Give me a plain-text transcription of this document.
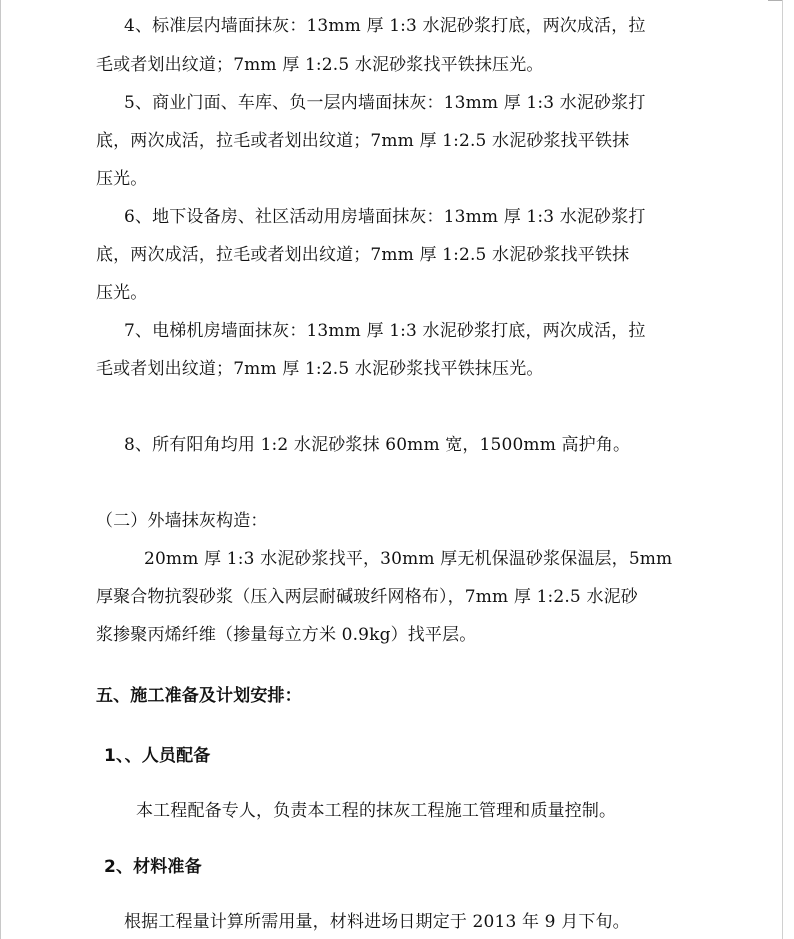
4、标准层内墙面抹灰：13mm 厚 1:3 水泥砂浆打底，两次成活，拉
毛或者划出纹道；7mm 厚 1:2.5 水泥砂浆找平铁抹压光。
5、商业门面、车库、负一层内墙面抹灰：13mm 厚 1:3 水泥砂浆打
底，两次成活，拉毛或者划出纹道；7mm 厚 1:2.5 水泥砂浆找平铁抹
压光。
6、地下设备房、社区活动用房墙面抹灰：13mm 厚 1:3 水泥砂浆打
底，两次成活，拉毛或者划出纹道；7mm 厚 1:2.5 水泥砂浆找平铁抹
压光。
7、电梯机房墙面抹灰：13mm 厚 1:3 水泥砂浆打底，两次成活，拉
毛或者划出纹道；7mm 厚 1:2.5 水泥砂浆找平铁抹压光。
8、所有阳角均用 1:2 水泥砂浆抹 60mm 宽，1500mm 高护角。
（二）外墙抹灰构造：
20mm 厚 1:3 水泥砂浆找平，30mm 厚无机保温砂浆保温层，5mm
厚聚合物抗裂砂浆（压入两层耐碱玻纤网格布），7mm 厚 1:2.5 水泥砂
浆掺聚丙烯纤维（掺量每立方米 0.9kg）找平层。
五、施工准备及计划安排：
1、、人员配备
本工程配备专人，负责本工程的抹灰工程施工管理和质量控制。
2、材料准备
根据工程量计算所需用量，材料进场日期定于 2013 年 9 月下旬。
